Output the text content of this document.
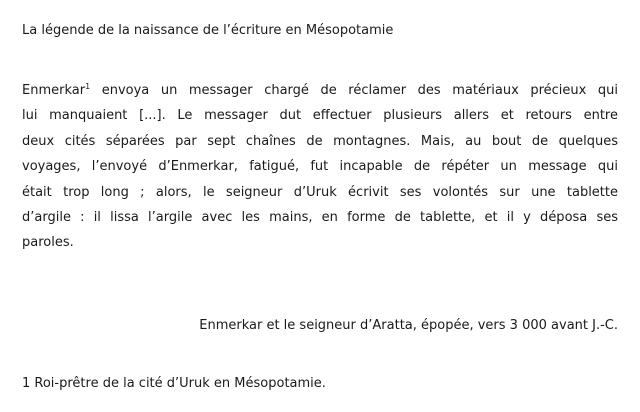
La légende de la naissance de l’écriture en Mésopotamie
Enmerkar$^1$ envoya un messager chargé de réclamer des matériaux précieux qui
lui manquaient [...]. Le messager dut effectuer plusieurs allers et retours entre
deux cités séparées par sept chaînes de montagnes. Mais, au bout de quelques
voyages, l’envoyé d’Enmerkar, fatigué, fut incapable de répéter un message qui
était trop long ; alors, le seigneur d’Uruk écrivit ses volontés sur une tablette
d’argile : il lissa l’argile avec les mains, en forme de tablette, et il y déposa ses
paroles.
Enmerkar et le seigneur d’Aratta, épopée, vers 3 000 avant J.-C.
1 Roi-prêtre de la cité d’Uruk en Mésopotamie.
